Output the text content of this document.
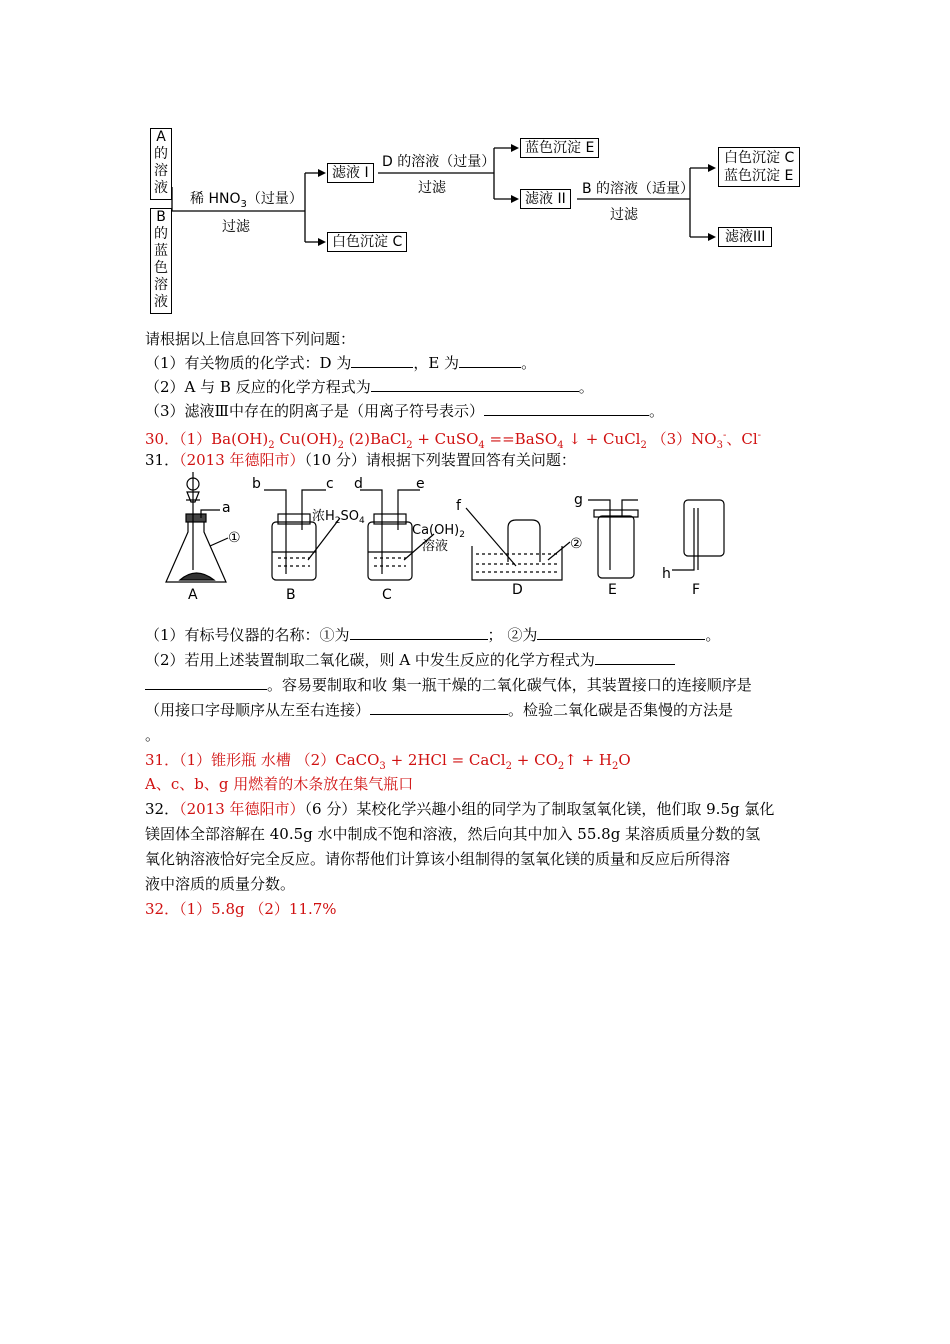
A
的
溶
液
B
的
蓝
色
溶
液
稀 $HNO_3$（过量）
过滤
滤液 I
白色沉淀 C
D 的溶液（过量）
过滤
蓝色沉淀 E
滤液 II
B 的溶液（适量）
过滤
白色沉淀 C
蓝色沉淀 E
滤液III
请根据以上信息回答下列问题：
（1）有关物质的化学式：D 为	，E 为	。
（2）A 与 B 反应的化学方程式为	。
（3）滤液Ⅲ中存在的阴离子是（用离子符号表示）	。
30．$(1)Ba(OH)_2$ $Cu(OH)_2$ (2)BaCl$_2$ + CuSO$_4$ ==BaSO$_4$ ↓ + CuCl$_2$ $(3)NO_3^-$、Cl-
31．（2013 年德阳市）（10 分）请根据下列装置回答有关问题：
a
①
A
b	c
浓$H_2SO_4$
B
d	e
$Ca(OH)_2$
溶液
C
f
②
D
g
E
h
F
（1）有标号仪器的名称：①为	； ②为	。
（2）若用上述装置制取二氧化碳，则 A 中发生反应的化学方程式为
。容易要制取和收 集一瓶干燥的二氧化碳气体，其装置接口的连接顺序是
（用接口字母顺序从左至右连接）	。检验二氧化碳是否集慢的方法是
。
31．（1）锥形瓶 水槽 （2）CaCO$_3$ + 2HCl = CaCl$_2$ + $CO_2↑ + H_2O$
A、c、b、g 用燃着的木条放在集气瓶口
32．（2013 年德阳市）（6 分）某校化学兴趣小组的同学为了制取氢氧化镁，他们取 9.5g 氯化
镁固体全部溶解在 40.5g 水中制成不饱和溶液，然后向其中加入 55.8g 某溶质质量分数的氢
氧化钠溶液恰好完全反应。请你帮他们计算该小组制得的氢氧化镁的质量和反应后所得溶
液中溶质的质量分数。
32．（1）5.8g （2）11.7%
